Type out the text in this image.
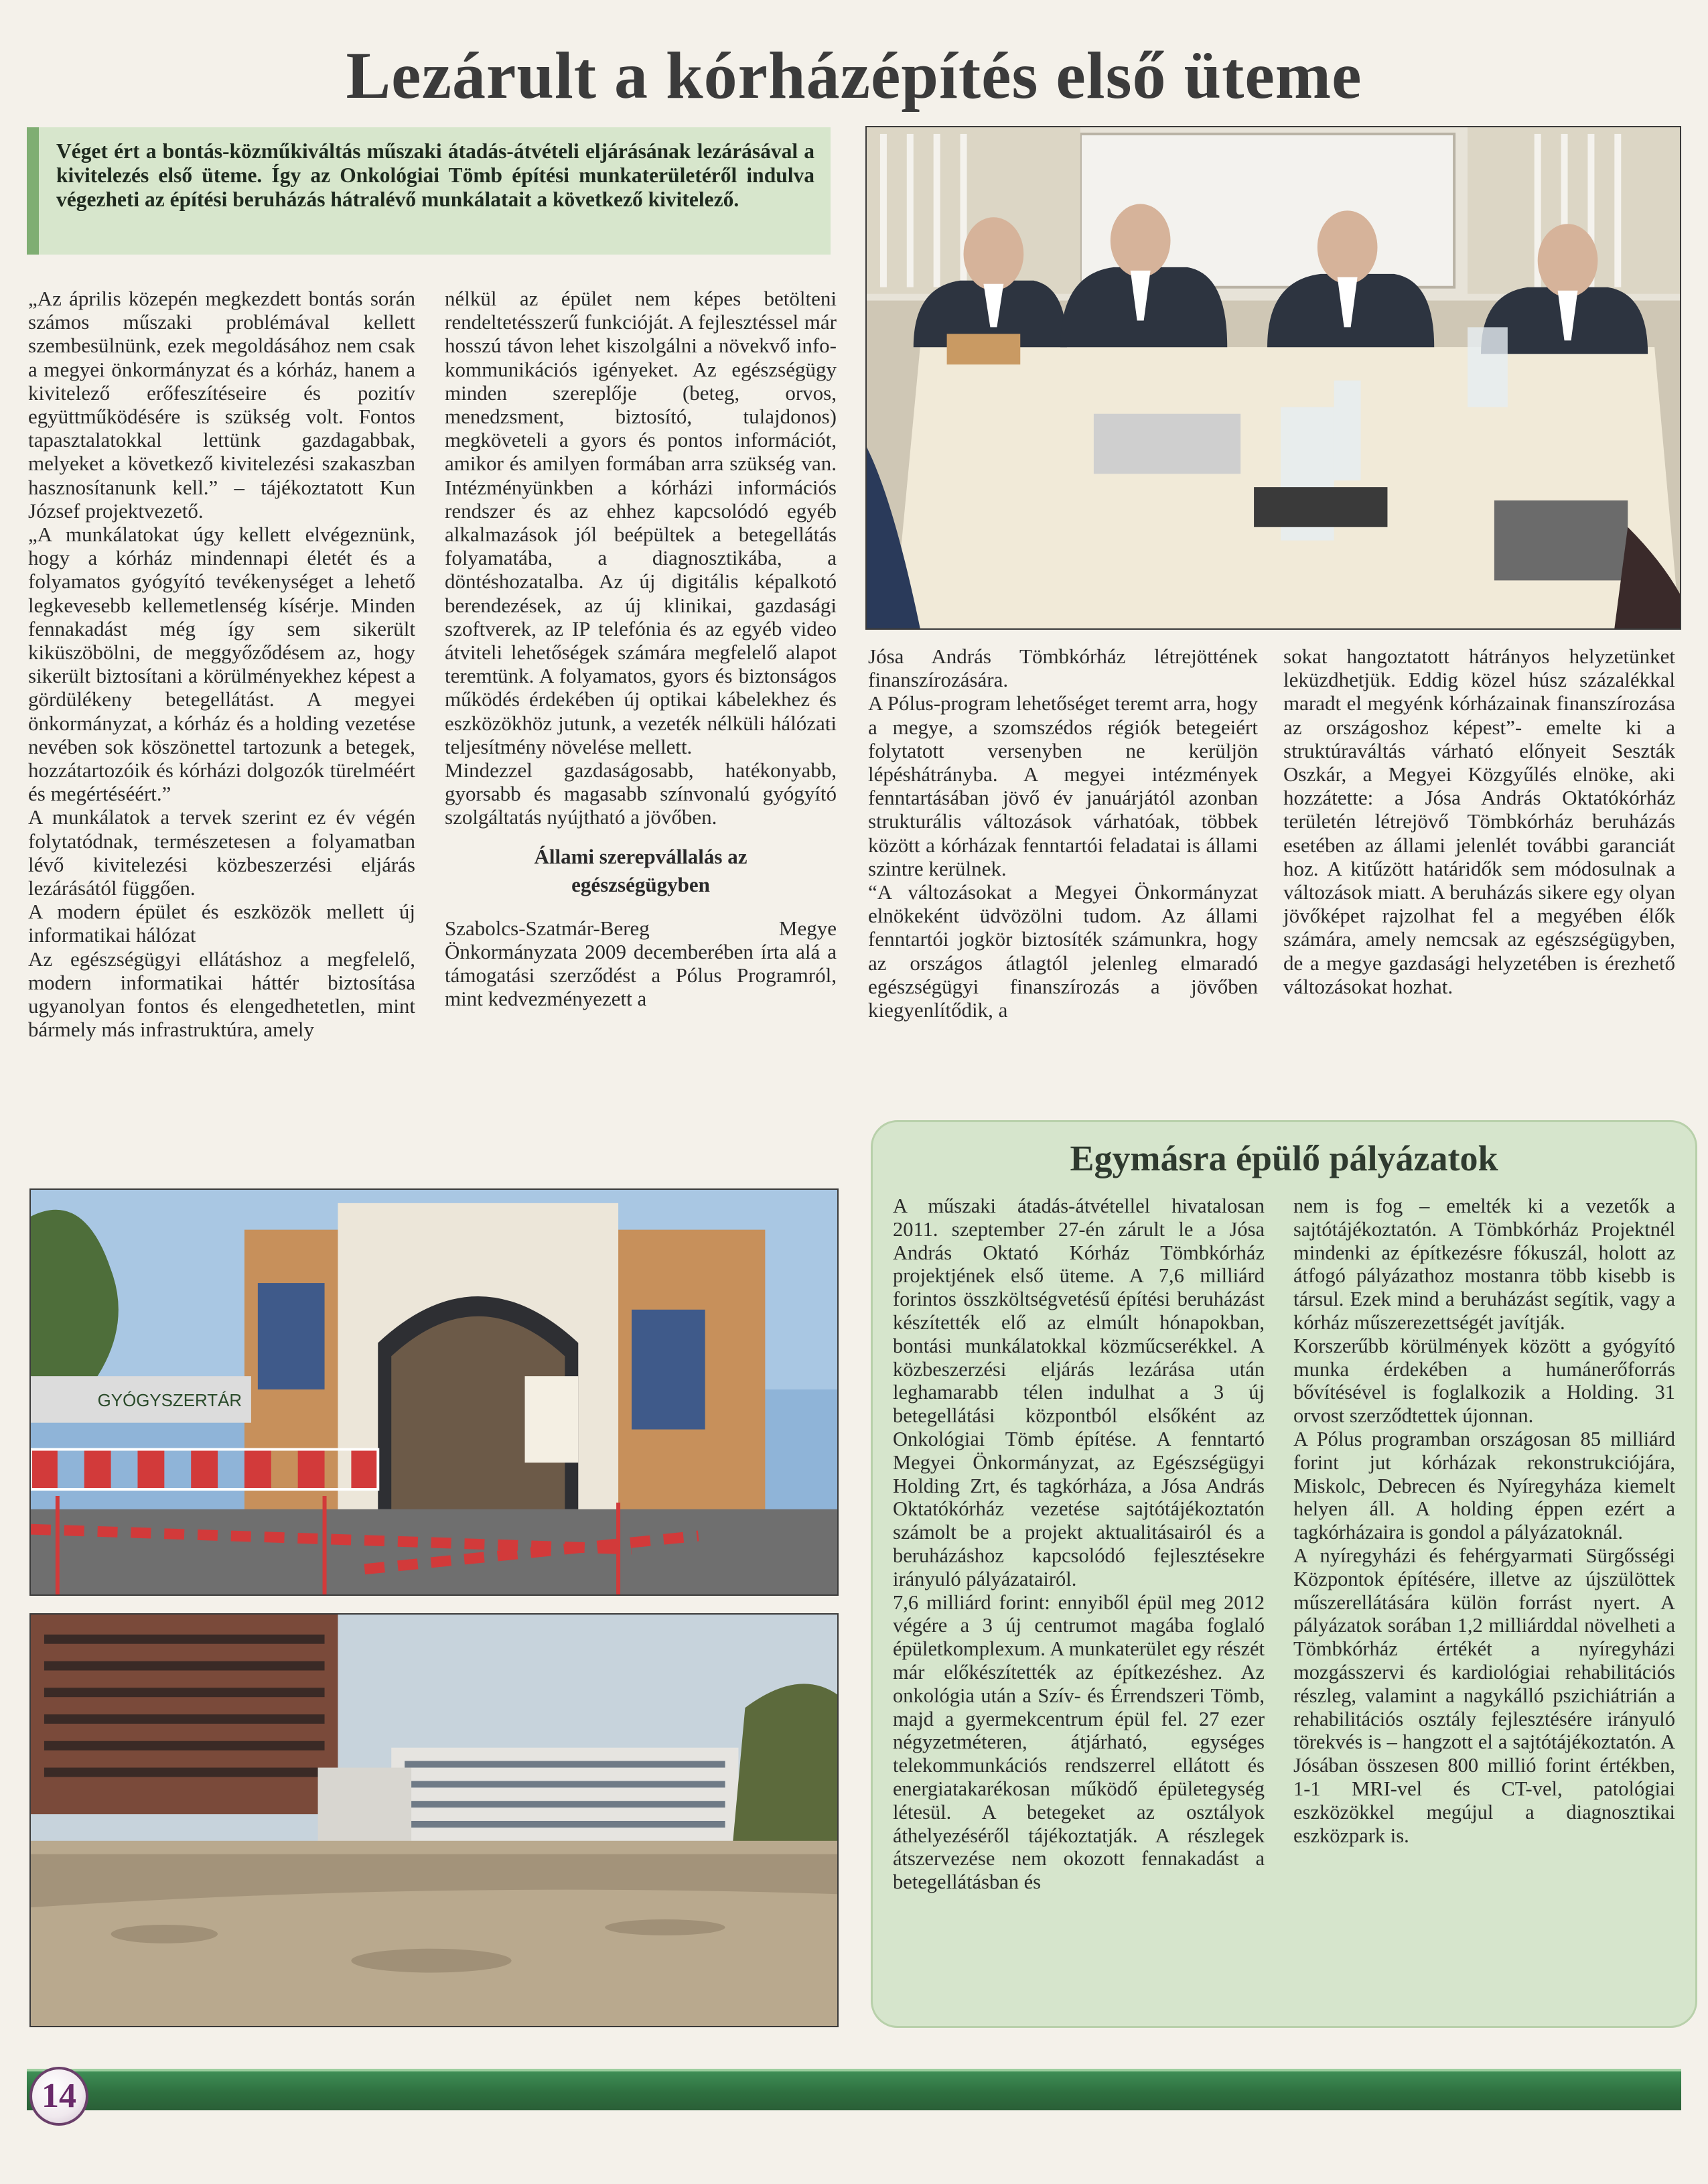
Lezárult a kórházépítés első üteme

Véget ért a bontás-közműkiváltás műszaki átadás-átvételi eljárásának lezárásával a kivitelezés első üteme. Így az Onkológiai Tömb építési munkaterületéről indulva végezheti az építési beruházás hátralévő munkálatait a következő kivitelező.

„Az április közepén megkezdett bontás során számos műszaki problémával kellett szembesülnünk, ezek megoldásához nem csak a megyei önkormányzat és a kórház, hanem a kivitelező erőfeszítéseire és pozitív együttműködésére is szükség volt. Fontos tapasztalatokkal lettünk gazdagabbak, melyeket a következő kivitelezési szakaszban hasznosítanunk kell.” – tájékoztatott Kun József projektvezető.

„A munkálatokat úgy kellett elvégeznünk, hogy a kórház mindennapi életét és a folyamatos gyógyító tevékenységet a lehető legkevesebb kellemetlenség kísérje. Minden fennakadást még így sem sikerült kiküszöbölni, de meggyőződésem az, hogy sikerült biztosítani a körülményekhez képest a gördülékeny betegellátást. A megyei önkormányzat, a kórház és a holding vezetése nevében sok köszönettel tartozunk a betegek, hozzátartozóik és kórházi dolgozók türelméért és megértéséért.”

A munkálatok a tervek szerint ez év végén folytatódnak, természetesen a folyamatban lévő kivitelezési közbeszerzési eljárás lezárásától függően.

A modern épület és eszközök mellett új informatikai hálózat

Az egészségügyi ellátáshoz a megfelelő, modern informatikai háttér biztosítása ugyanolyan fontos és elengedhetetlen, mint bármely más infrastruktúra, amely

nélkül az épület nem képes betölteni rendeltetésszerű funkcióját. A fejlesztéssel már hosszú távon lehet kiszolgálni a növekvő info-kommunikációs igényeket. Az egészségügy minden szereplője (beteg, orvos, menedzsment, biztosító, tulajdonos) megköveteli a gyors és pontos információt, amikor és amilyen formában arra szükség van. Intézményünkben a kórházi információs rendszer és az ehhez kapcsolódó egyéb alkalmazások jól beépültek a betegellátás folyamatába, a diagnosztikába, a döntéshozatalba. Az új digitális képalkotó berendezések, az új klinikai, gazdasági szoftverek, az IP telefónia és az egyéb video átviteli lehetőségek számára megfelelő alapot teremtünk. A folyamatos, gyors és biztonságos működés érdekében új optikai kábelekhez és eszközökhöz jutunk, a vezeték nélküli hálózati teljesítmény növelése mellett.

Mindezzel gazdaságosabb, hatékonyabb, gyorsabb és magasabb színvonalú gyógyító szolgáltatás nyújtható a jövőben.

Állami szerepvállalás az egészségügyben

Szabolcs-Szatmár-Bereg Megye Önkormányzata 2009 decemberében írta alá a támogatási szerződést a Pólus Programról, mint kedvezményezett a

Jósa András Tömbkórház létrejöttének finanszírozására.

A Pólus-program lehetőséget teremt arra, hogy a megye, a szomszédos régiók betegeiért folytatott versenyben ne kerüljön lépéshátrányba. A megyei intézmények fenntartásában jövő év januárjától azonban strukturális változások várhatóak, többek között a kórházak fenntartói feladatai is állami szintre kerülnek.

“A változásokat a Megyei Önkormányzat elnökeként üdvözölni tudom. Az állami fenntartói jogkör biztosíték számunkra, hogy az országos átlagtól jelenleg elmaradó egészségügyi finanszírozás a jövőben kiegyenlítődik, a

sokat hangoztatott hátrányos helyzetünket leküzdhetjük. Eddig közel húsz százalékkal maradt el megyénk kórházainak finanszírozása az országoshoz képest”- emelte ki a struktúraváltás várható előnyeit Seszták Oszkár, a Megyei Közgyűlés elnöke, aki hozzátette: a Jósa András Oktatókórház területén létrejövő Tömbkórház beruházás esetében az állami jelenlét további garanciát hoz. A kitűzött határidők sem módosulnak a változások miatt. A beruházás sikere egy olyan jövőképet rajzolhat fel a megyében élők számára, amely nemcsak az egészségügyben, de a megye gazdasági helyzetében is érezhető változásokat hozhat.

GYÓGYSZERTÁR
Egymásra épülő pályázatok

A műszaki átadás-átvétellel hivatalosan 2011. szeptember 27-én zárult le a Jósa András Oktató Kórház Tömbkórház projektjének első üteme. A 7,6 milliárd forintos összköltségvetésű építési beruházást készítették elő az elmúlt hónapokban, bontási munkálatokkal közműcserékkel. A közbeszerzési eljárás lezárása után leghamarabb télen indulhat a 3 új betegellátási központból elsőként az Onkológiai Tömb építése. A fenntartó Megyei Önkormányzat, az Egészségügyi Holding Zrt, és tagkórháza, a Jósa András Oktatókórház vezetése sajtótájékoztatón számolt be a projekt aktualitásairól és a beruházáshoz kapcsolódó fejlesztésekre irányuló pályázatairól.

7,6 milliárd forint: ennyiből épül meg 2012 végére a 3 új centrumot magába foglaló épületkomplexum. A munkaterület egy részét már előkészítették az építkezéshez. Az onkológia után a Szív- és Érrendszeri Tömb, majd a gyermekcentrum épül fel. 27 ezer négyzetméteren, átjárható, egységes telekommunkációs rendszerrel ellátott és energiatakarékosan működő épületegység létesül. A betegeket az osztályok áthelyezéséről tájékoztatják. A részlegek átszervezése nem okozott fennakadást a betegellátásban és

nem is fog – emelték ki a vezetők a sajtótájékoztatón. A Tömbkórház Projektnél mindenki az építkezésre fókuszál, holott az átfogó pályázathoz mostanra több kisebb is társul. Ezek mind a beruházást segítik, vagy a kórház műszerezettségét javítják.

Korszerűbb körülmények között a gyógyító munka érdekében a humánerőforrás bővítésével is foglalkozik a Holding. 31 orvost szerződtettek újonnan.

A Pólus programban országosan 85 milliárd forint jut kórházak rekonstrukciójára, Miskolc, Debrecen és Nyíregyháza kiemelt helyen áll. A holding éppen ezért a tagkórházaira is gondol a pályázatoknál.

A nyíregyházi és fehérgyarmati Sürgősségi Központok építésére, illetve az újszülöttek műszerellátására külön forrást nyert. A pályázatok sorában 1,2 milliárddal növelheti a Tömbkórház értékét a nyíregyházi mozgásszervi és kardiológiai rehabilitációs részleg, valamint a nagykálló pszichiátrián a rehabilitációs osztály fejlesztésére irányuló törekvés is – hangzott el a sajtótájékoztatón. A Jósában összesen 800 millió forint értékben, 1-1 MRI-vel és CT-vel, patológiai eszközökkel megújul a diagnosztikai eszközpark is.

14
